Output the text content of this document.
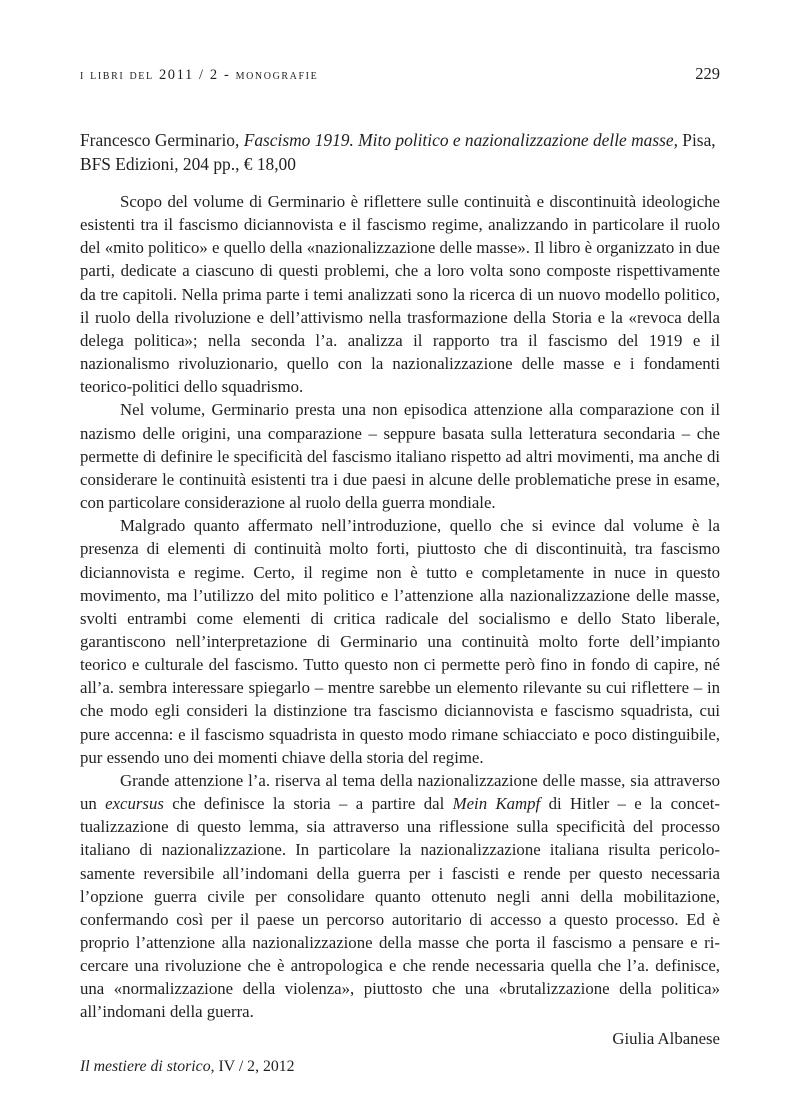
i libri del 2011 / 2 - monografie	229
Francesco Germinario, Fascismo 1919. Mito politico e nazionalizzazione delle masse, Pisa, BFS Edizioni, 204 pp., € 18,00

Scopo del volume di Germinario è riflettere sulle continuità e discontinuità ideologiche esistenti tra il fascismo diciannovista e il fascismo regime, analizzando in particolare il ruolo del «mito politico» e quello della «nazionalizzazione delle masse». Il libro è organizzato in due parti, dedicate a ciascuno di questi problemi, che a loro volta sono composte rispettivamente da tre capitoli. Nella prima parte i temi analizzati sono la ricerca di un nuovo modello politico, il ruolo della rivoluzione e dell’attivismo nella trasformazione della Storia e la «revoca della delega politica»; nella seconda l’a. analizza il rapporto tra il fascismo del 1919 e il nazionalismo rivoluzionario, quello con la nazionalizzazione delle masse e i fondamenti teorico-politici dello squadrismo.

Nel volume, Germinario presta una non episodica attenzione alla comparazione con il nazismo delle origini, una comparazione – seppure basata sulla letteratura secondaria – che permette di definire le specificità del fascismo italiano rispetto ad altri movimenti, ma anche di considerare le continuità esistenti tra i due paesi in alcune delle problematiche prese in esame, con particolare considerazione al ruolo della guerra mondiale.

Malgrado quanto affermato nell’introduzione, quello che si evince dal volume è la presenza di elementi di continuità molto forti, piuttosto che di discontinuità, tra fascismo diciannovista e regime. Certo, il regime non è tutto e completamente in nuce in questo movimento, ma l’utilizzo del mito politico e l’attenzione alla nazionalizzazione delle masse, svolti entrambi come elementi di critica radicale del socialismo e dello Stato liberale, garantiscono nell’interpretazione di Germinario una continuità molto forte dell’impianto teorico e culturale del fascismo. Tutto questo non ci permette però fino in fondo di capire, né all’a. sembra interessare spiegarlo – mentre sarebbe un elemento rilevante su cui riflettere – in che modo egli consideri la distinzione tra fascismo diciannovista e fascismo squadrista, cui pure accenna: e il fascismo squadrista in questo modo rimane schiacciato e poco distinguibile, pur essendo uno dei momenti chiave della storia del regime.

Grande attenzione l’a. riserva al tema della nazionalizzazione delle masse, sia attraverso un excursus che definisce la storia – a partire dal Mein Kampf di Hitler – e la concettualizzazione di questo lemma, sia attraverso una riflessione sulla specificità del processo italiano di nazionalizzazione. In particolare la nazionalizzazione italiana risulta pericolosamente reversibile all’indomani della guerra per i fascisti e rende per questo necessaria l’opzione guerra civile per consolidare quanto ottenuto negli anni della mobilitazione, confermando così per il paese un percorso autoritario di accesso a questo processo. Ed è proprio l’attenzione alla nazionalizzazione della masse che porta il fascismo a pensare e ricercare una rivoluzione che è antropologica e che rende necessaria quella che l’a. definisce, una «normalizzazione della violenza», piuttosto che una «brutalizzazione della politica» all’indomani della guerra.

Giulia Albanese
Il mestiere di storico, IV / 2, 2012
